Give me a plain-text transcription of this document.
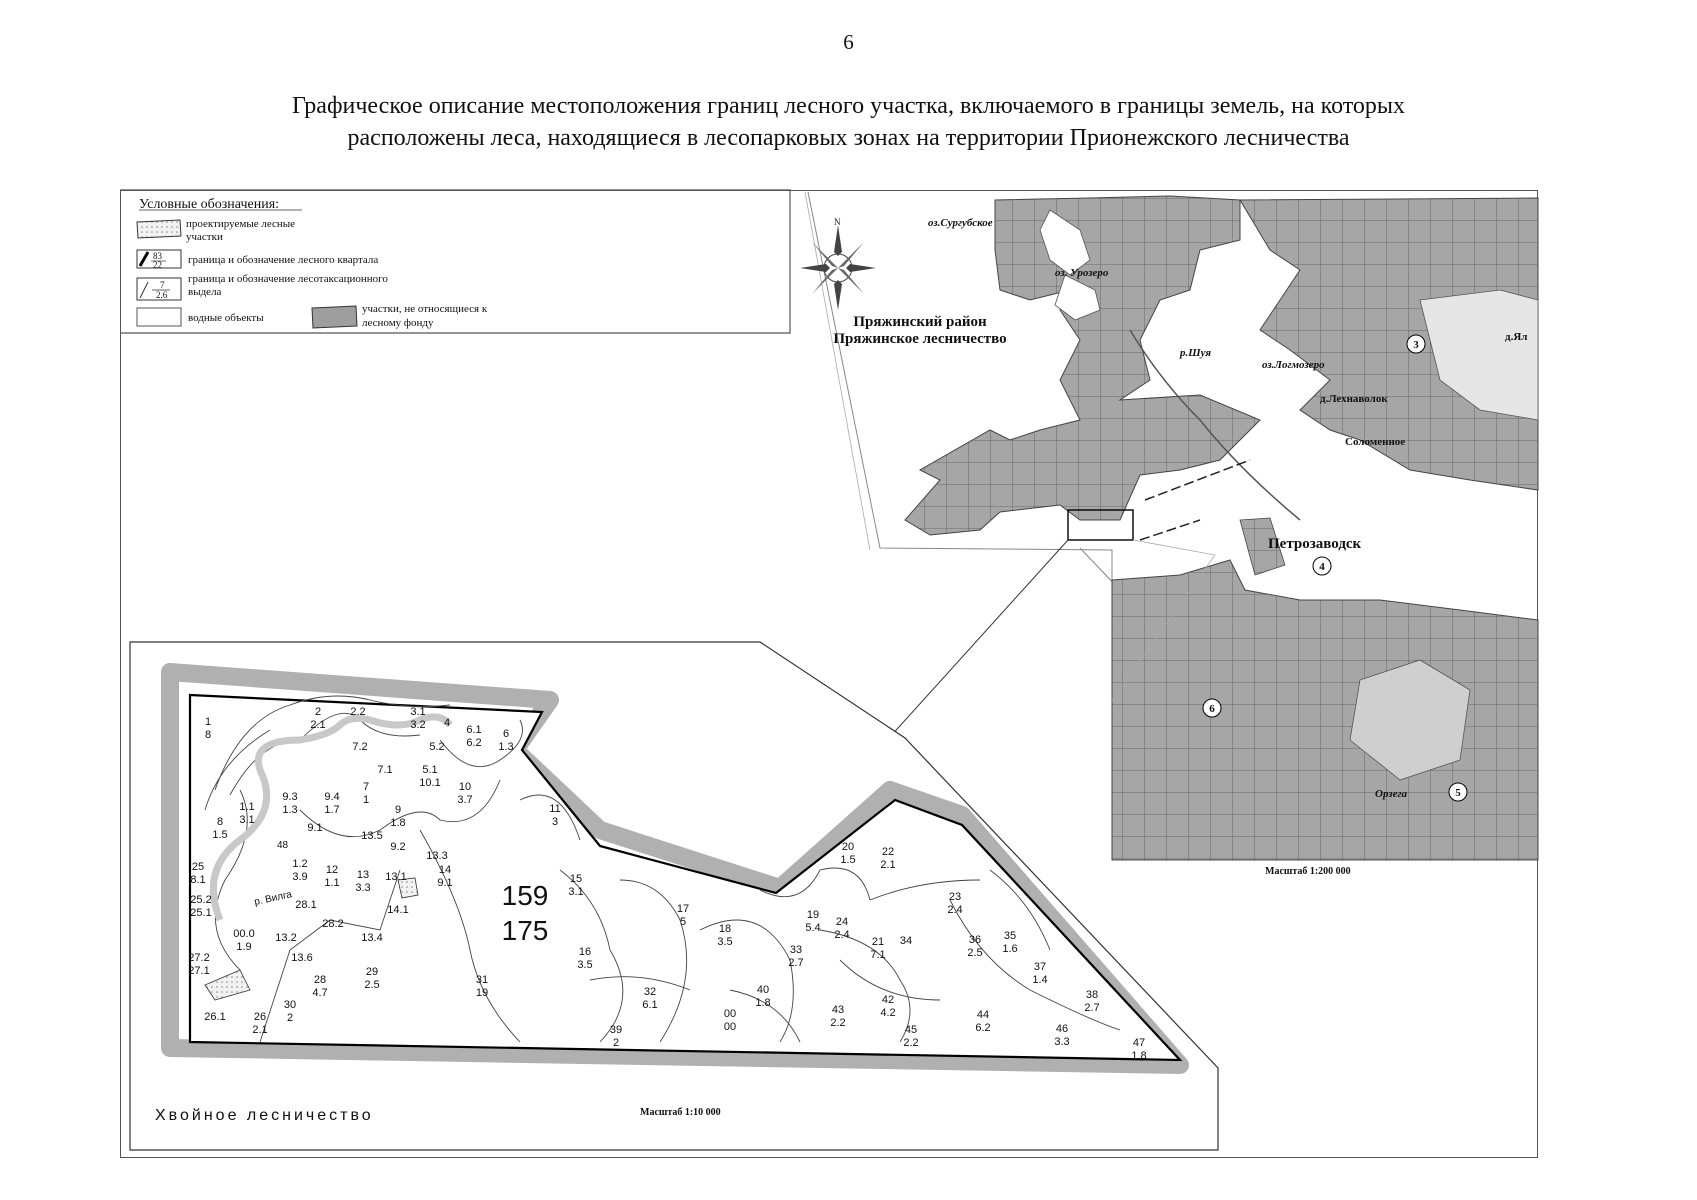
6
Графическое описание местоположения границ лесного участка, включаемого в границы земель, на которых
расположены леса, находящиеся в лесопарковых зонах на территории Прионежского лесничества
Условные обозначения:
проектируемые лесные
участки
83
22 граница и обозначение лесного квартала
7
2.6
граница и обозначение лесотаксационного
выдела
водные объекты
участки, не относящиеся к
лесному фонду
N
Пряжинский район
Пряжинское лесничество
оз.Сургубское
оз. Урозеро
р.Шуя
оз.Логмозеро
д.Лехнаволок
Соломенное
Петрозаводск
Орзега
д.Ял
3
4
5
6
Масштаб 1:200 000
159
175
р. Вилга
48
1
8
2
2.1
2.2	3.1
3.2 4
6.1
6.2
6
1.3
7.2	5.2
7.1	5.1
10.1 10
3.7
7
1
9.3
1.3
9.4
1.7	9
1.8
11
3
1.1
3.1
8
1.5
9.1
13.5
9.2
13.3
25
8.1
1.2
3.9
12
1.1
13
3.3
13.1
14
9.1	15
3.1
25.2
25.1
28.1	14.1
28.2
00.0
1.9
13.2	13.4
27.2
27.1
13.6
29
2.5
28
4.7
31
19
26.1	26
2.1
30
2
17
5
18
3.5
16
3.5
32
6.1
39
2
40
1.8
00
00
19
5.4
20
1.5
22
2.1
24
2.4
33
2.7
21
7.1
34
23
2.4
36
2.5
35
1.6
37
1.4
42
4.2
43
2.2
45
2.2
44
6.2	46
3.3
38
2.7
47
1.8
Хвойное лесничество	Масштаб 1:10 000
